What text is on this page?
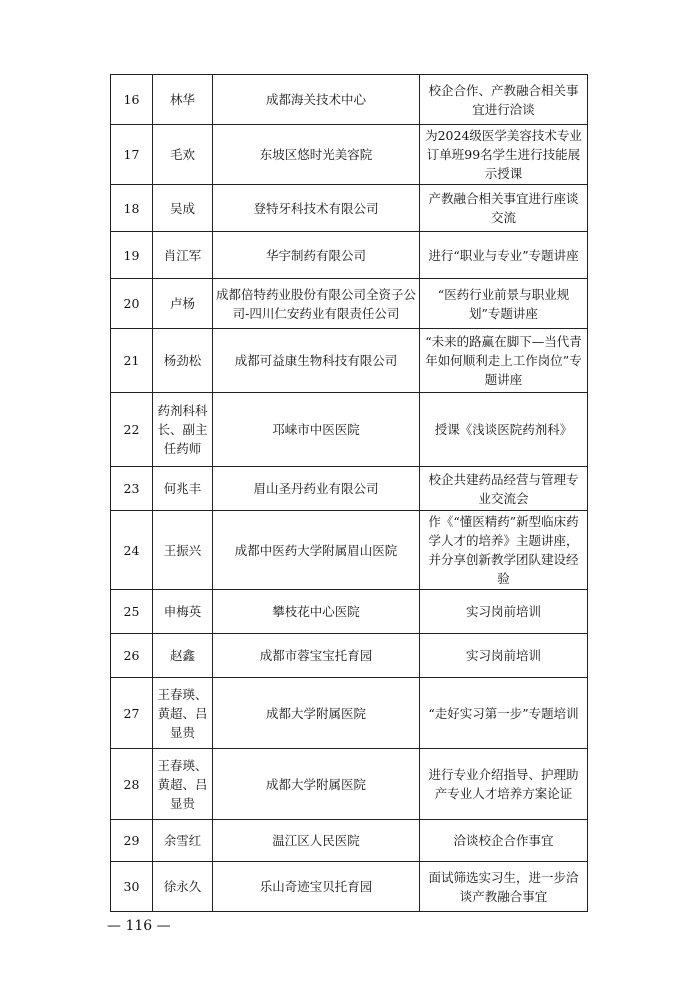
16	林华	成都海关技术中心	校企合作、产教融合相关事宜进行洽谈
17	毛欢	东坡区悠时光美容院	为2024级医学美容技术专业订单班99名学生进行技能展示授课
18	吴成	登特牙科技术有限公司	产教融合相关事宜进行座谈交流
19	肖江军	华宇制药有限公司	进行“职业与专业”专题讲座
20	卢杨	成都倍特药业股份有限公司全资子公司-四川仁安药业有限责任公司	“医药行业前景与职业规划”专题讲座
21	杨劲松	成都可益康生物科技有限公司	“未来的路赢在脚下—当代青年如何顺利走上工作岗位”专题讲座
22	药剂科科长、副主任药师	邛崃市中医医院	授课《浅谈医院药剂科》
23	何兆丰	眉山圣丹药业有限公司	校企共建药品经营与管理专业交流会
24	王振兴	成都中医药大学附属眉山医院	作《“懂医精药”新型临床药学人才的培养》主题讲座，并分享创新教学团队建设经验
25	申梅英	攀枝花中心医院	实习岗前培训
26	赵鑫	成都市蓉宝宝托育园	实习岗前培训
27	王春瑛、黄超、吕显贵	成都大学附属医院	“走好实习第一步”专题培训
28	王春瑛、黄超、吕显贵	成都大学附属医院	进行专业介绍指导、护理助产专业人才培养方案论证
29	余雪红	温江区人民医院	洽谈校企合作事宜
30	徐永久	乐山奇迹宝贝托育园	面试筛选实习生，进一步洽谈产教融合事宜
— 116 —
